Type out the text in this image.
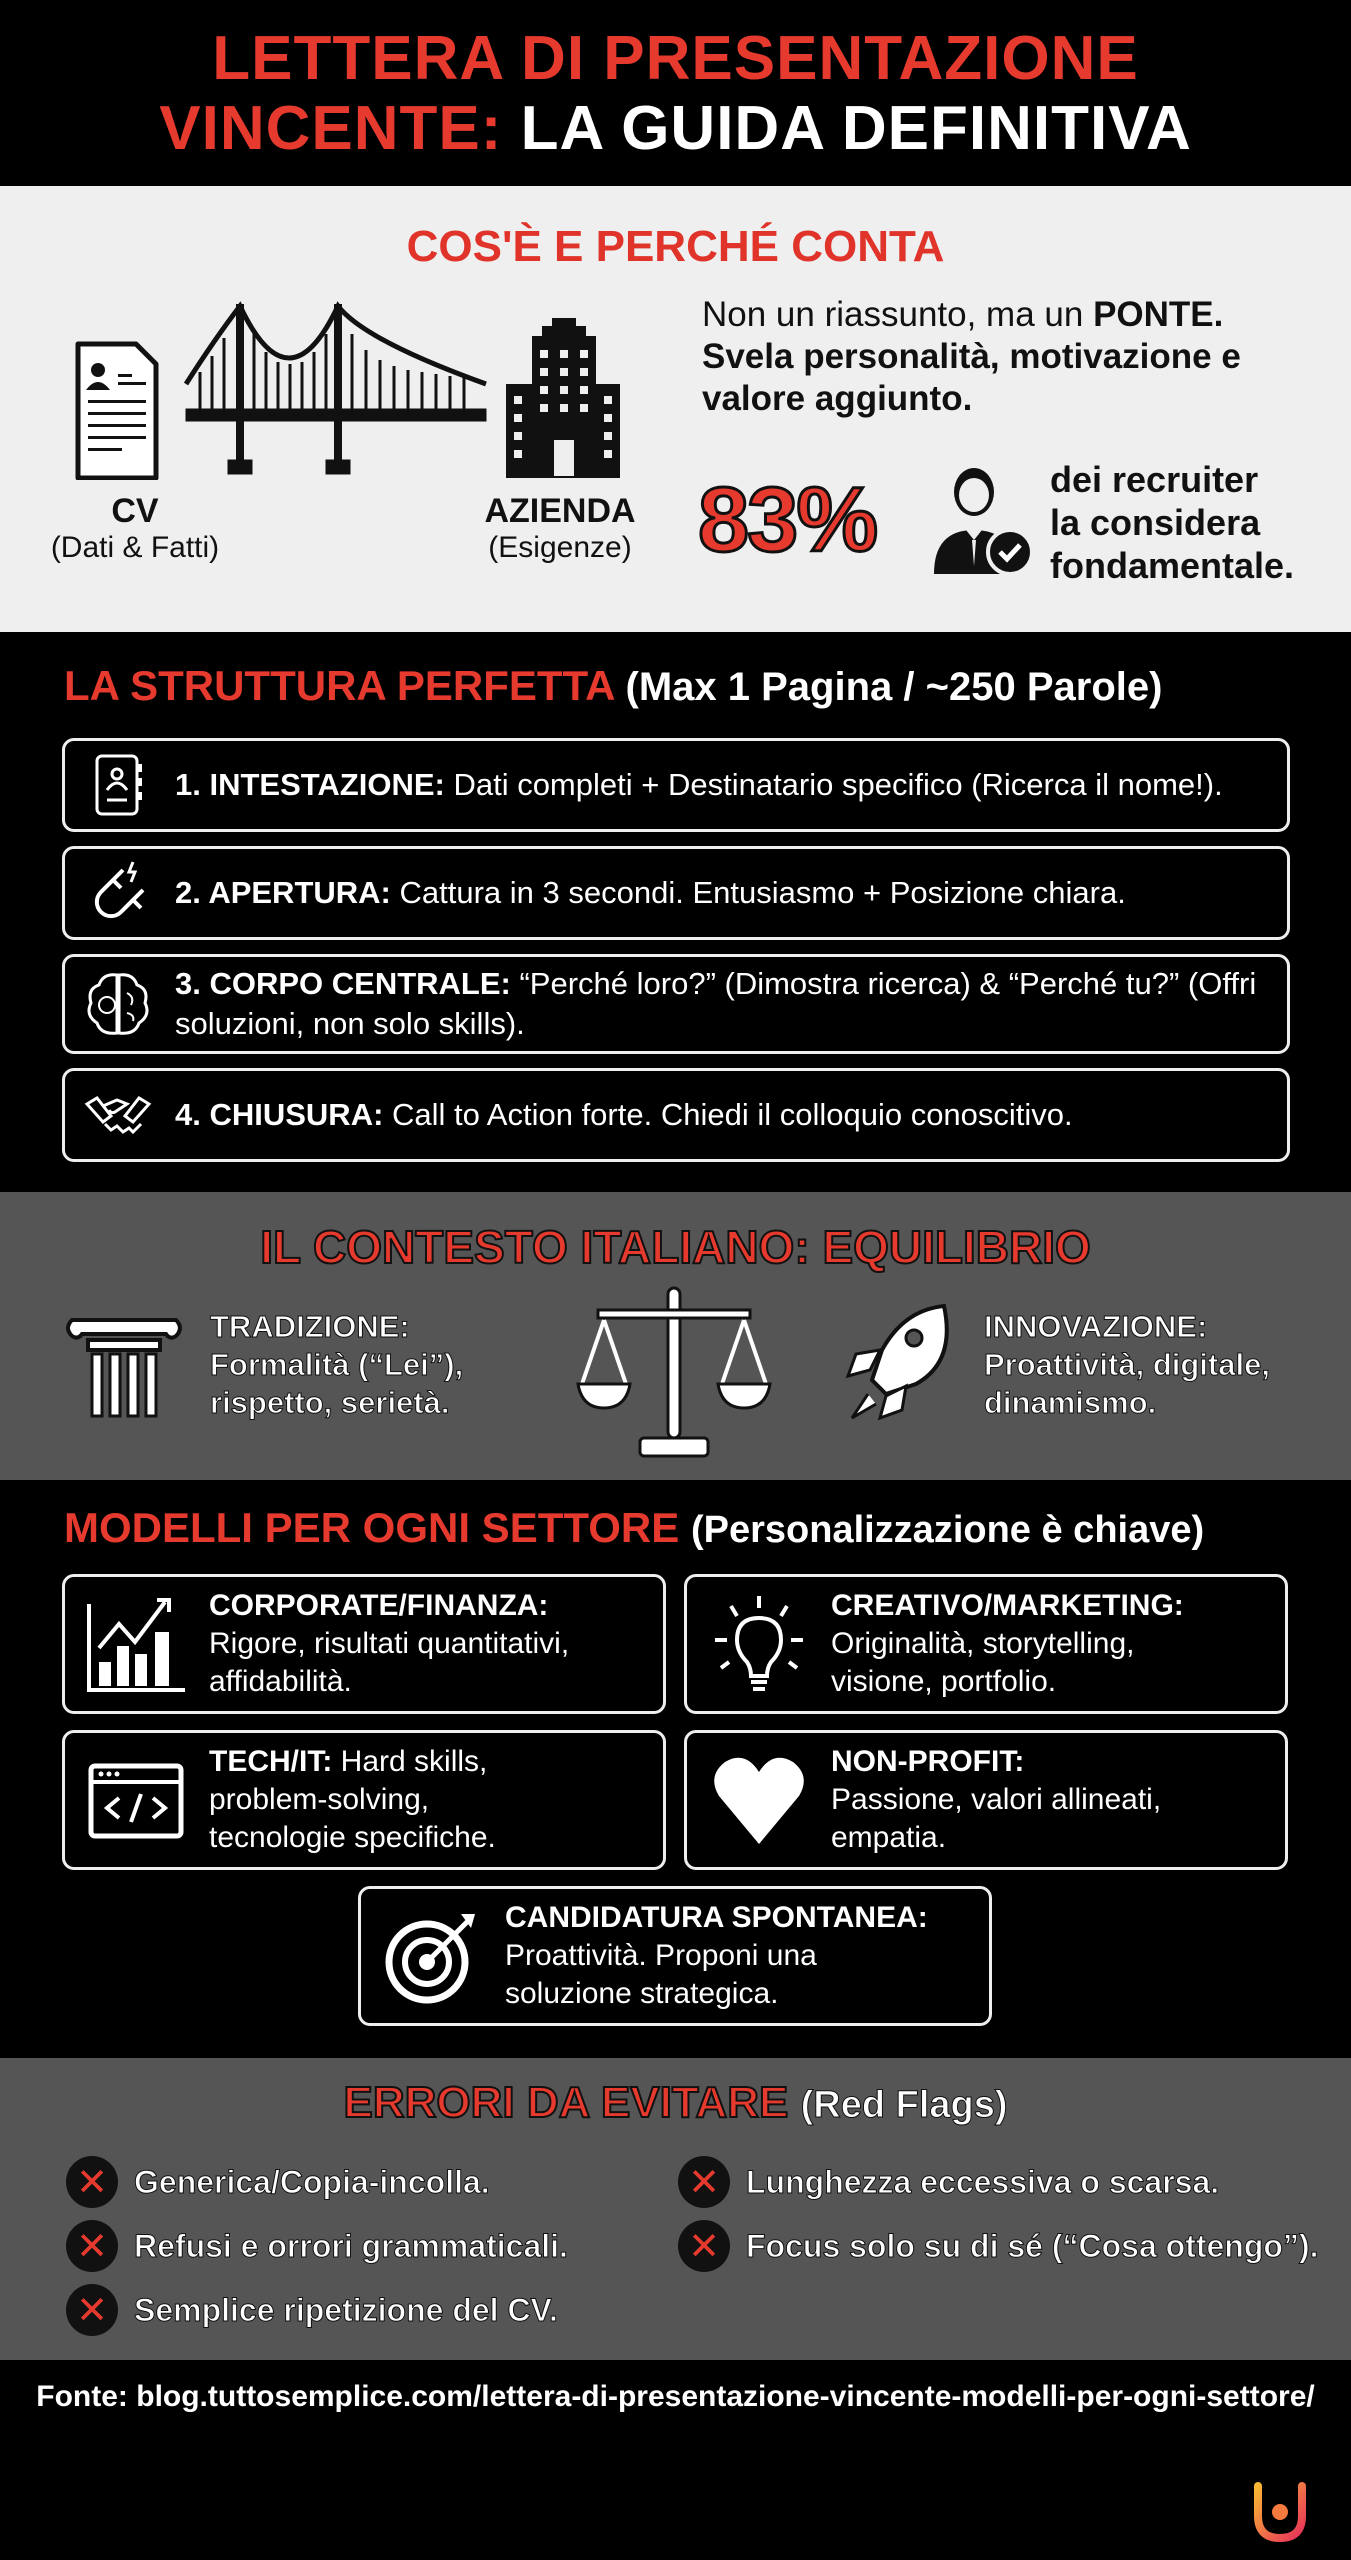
LETTERA DI PRESENTAZIONE
VINCENTE: LA GUIDA DEFINITIVA
COS'È E PERCHÉ CONTA
CV
(Dati & Fatti)
AZIENDA
(Esigenze)
Non un riassunto, ma un PONTE. Svela personalità, motivazione e valore aggiunto.
83%	dei recruiter
la considera
fondamentale.
LA STRUTTURA PERFETTA (Max 1 Pagina / ~250 Parole)
1. INTESTAZIONE: Dati completi + Destinatario specifico (Ricerca il nome!).
2. APERTURA: Cattura in 3 secondi. Entusiasmo + Posizione chiara.
3. CORPO CENTRALE: “Perché loro?” (Dimostra ricerca) & “Perché tu?” (Offri soluzioni, non solo skills).
4. CHIUSURA: Call to Action forte. Chiedi il colloquio conoscitivo.
IL CONTESTO ITALIANO: EQUILIBRIO
TRADIZIONE:
Formalità (“Lei”),
rispetto, serietà.
INNOVAZIONE:
Proattività, digitale,
dinamismo.
MODELLI PER OGNI SETTORE (Personalizzazione è chiave)
CORPORATE/FINANZA:
Rigore, risultati quantitativi,
affidabilità.
CREATIVO/MARKETING:
Originalità, storytelling,
visione, portfolio.
TECH/IT: Hard skills,
problem-solving,
tecnologie specifiche.
NON-PROFIT:
Passione, valori allineati,
empatia.
CANDIDATURA SPONTANEA:
Proattività. Proponi una
soluzione strategica.
ERRORI DA EVITARE (Red Flags)
✕ Generica/Copia-incolla.
✕ Refusi e orrori grammaticali.
✕ Semplice ripetizione del CV.
✕ Lunghezza eccessiva o scarsa.
✕ Focus solo su di sé (“Cosa ottengo”).
Fonte: blog.tuttosemplice.com/lettera-di-presentazione-vincente-modelli-per-ogni-settore/
